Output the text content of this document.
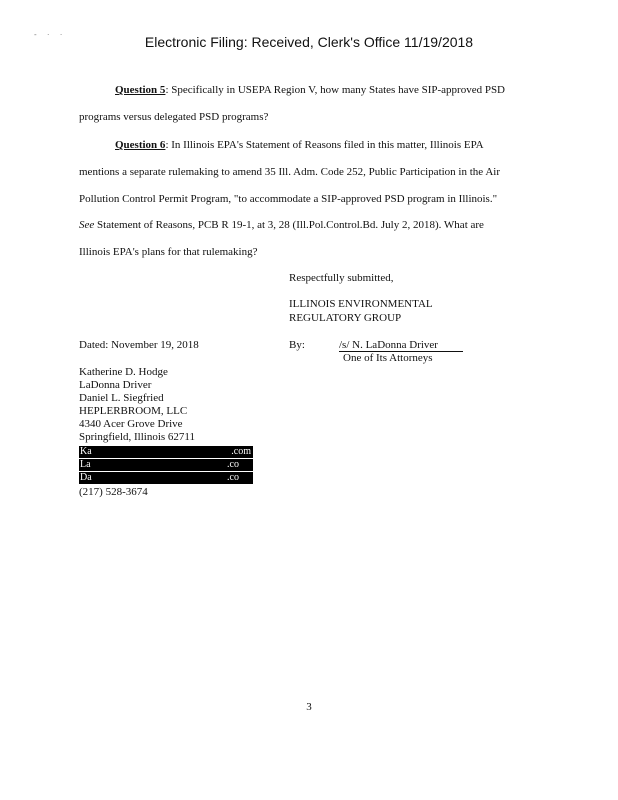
- · ·	Electronic Filing: Received, Clerk's Office 11/19/2018
Question 5: Specifically in USEPA Region V, how many States have SIP-approved PSD
programs versus delegated PSD programs?
Question 6: In Illinois EPA's Statement of Reasons filed in this matter, Illinois EPA
mentions a separate rulemaking to amend 35 Ill. Adm. Code 252, Public Participation in the Air
Pollution Control Permit Program, "to accommodate a SIP-approved PSD program in Illinois."
See Statement of Reasons, PCB R 19-1, at 3, 28 (Ill.Pol.Control.Bd. July 2, 2018). What are
Illinois EPA's plans for that rulemaking?
Respectfully submitted,
ILLINOIS ENVIRONMENTAL
REGULATORY GROUP
Dated: November 19, 2018	By:	/s/ N. LaDonna Driver
One of Its Attorneys
Katherine D. Hodge
LaDonna Driver
Daniel L. Siegfried
HEPLERBROOM, LLC
4340 Acer Grove Drive
Springfield, Illinois 62711
Ka	.com
La	.co
Da	.co
(217) 528-3674
3
